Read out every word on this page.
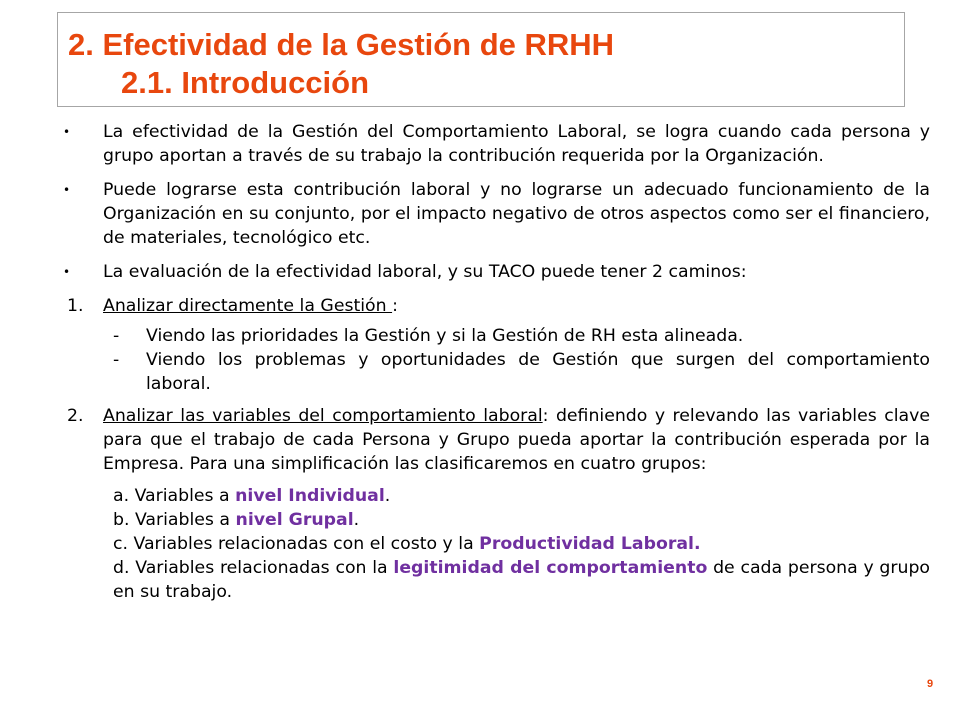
2. Efectividad de la Gestión de RRHH
2.1. Introducción
• La efectividad de la Gestión del Comportamiento Laboral, se logra cuando cada persona y grupo aportan a través de su trabajo la contribución requerida por la Organización.
• Puede lograrse esta contribución laboral y no lograrse un adecuado funcionamiento de la Organización en su conjunto, por el impacto negativo de otros aspectos como ser el financiero, de materiales, tecnológico etc.
• La evaluación de la efectividad laboral, y su TACO puede tener 2 caminos:
1. Analizar directamente la Gestión :
- Viendo las prioridades la Gestión y si la Gestión de RH esta alineada.
- Viendo los problemas y oportunidades de Gestión que surgen del comportamiento laboral.
2. Analizar las variables del comportamiento laboral: definiendo y relevando las variables clave para que el trabajo de cada Persona y Grupo pueda aportar la contribución esperada por la Empresa. Para una simplificación las clasificaremos en cuatro grupos:
a. Variables a nivel Individual.
b. Variables a nivel Grupal.
c. Variables relacionadas con el costo y la Productividad Laboral.
d. Variables relacionadas con la legitimidad del comportamiento de cada persona y grupo en su trabajo.
9
